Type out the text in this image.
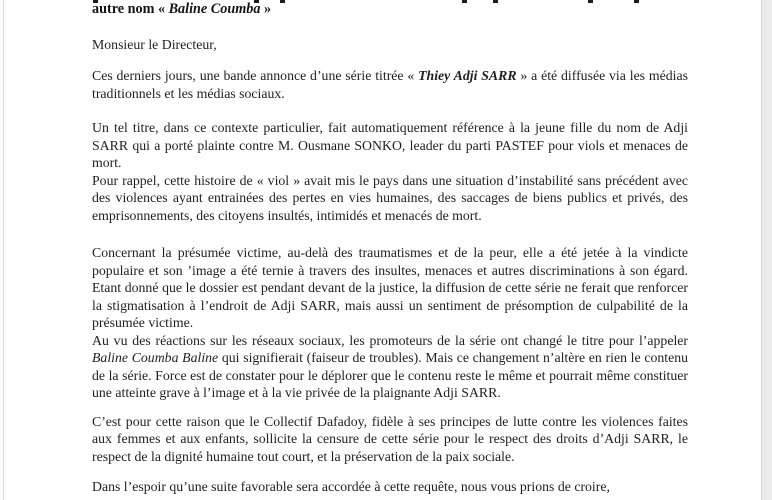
autre nom « Baline Coumba »

Monsieur le Directeur,

Ces derniers jours, une bande annonce d’une série titrée « Thiey Adji SARR » a été diffusée via les médias traditionnels et les médias sociaux.

Un tel titre, dans ce contexte particulier, fait automatiquement référence à la jeune fille du nom de Adji SARR qui a porté plainte contre M. Ousmane SONKO, leader du parti PASTEF pour viols et menaces de mort.

Pour rappel, cette histoire de « viol » avait mis le pays dans une situation d’instabilité sans précédent avec des violences ayant entrainées des pertes en vies humaines, des saccages de biens publics et privés, des emprisonnements, des citoyens insultés, intimidés et menacés de mort.

Concernant la présumée victime, au-delà des traumatismes et de la peur, elle a été jetée à la vindicte populaire et son ’image a été ternie à travers des insultes, menaces et autres discriminations à son égard. Etant donné que le dossier est pendant devant de la justice, la diffusion de cette série ne ferait que renforcer la stigmatisation à l’endroit de Adji SARR, mais aussi un sentiment de présomption de culpabilité de la présumée victime.

Au vu des réactions sur les réseaux sociaux, les promoteurs de la série ont changé le titre pour l’appeler Baline Coumba Baline qui signifierait (faiseur de troubles). Mais ce changement n’altère en rien le contenu de la série. Force est de constater pour le déplorer que le contenu reste le même et pourrait même constituer une atteinte grave à l’image et à la vie privée de la plaignante Adji SARR.

C’est pour cette raison que le Collectif Dafadoy, fidèle à ses principes de lutte contre les violences faites aux femmes et aux enfants, sollicite la censure de cette série pour le respect des droits d’Adji SARR, le respect de la dignité humaine tout court, et la préservation de la paix sociale.

Dans l’espoir qu’une suite favorable sera accordée à cette requête, nous vous prions de croire,
